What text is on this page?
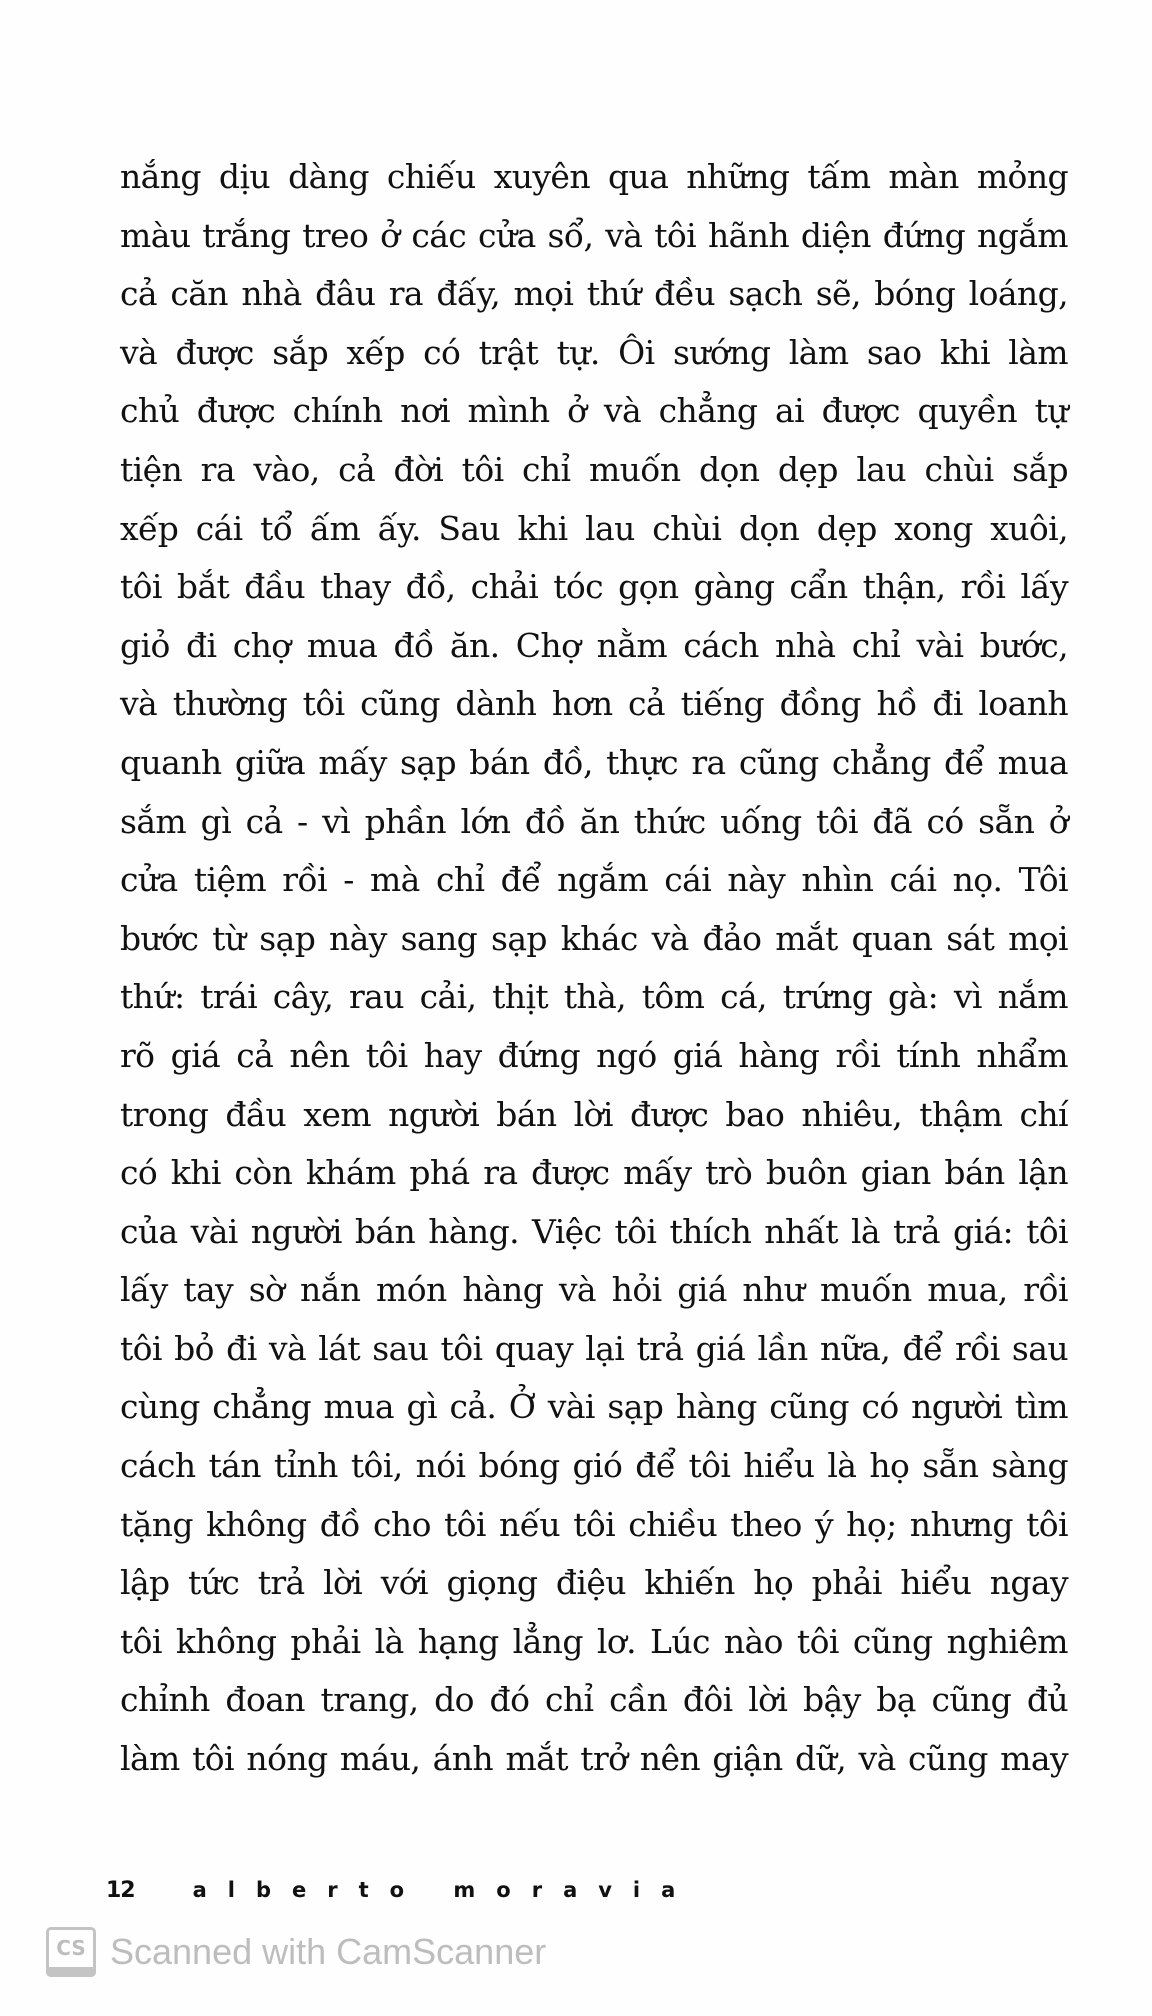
nắng dịu dàng chiếu xuyên qua những tấm màn mỏng
màu trắng treo ở các cửa sổ, và tôi hãnh diện đứng ngắm
cả căn nhà đâu ra đấy, mọi thứ đều sạch sẽ, bóng loáng,
và được sắp xếp có trật tự. Ôi sướng làm sao khi làm
chủ được chính nơi mình ở và chẳng ai được quyền tự
tiện ra vào, cả đời tôi chỉ muốn dọn dẹp lau chùi sắp
xếp cái tổ ấm ấy. Sau khi lau chùi dọn dẹp xong xuôi,
tôi bắt đầu thay đồ, chải tóc gọn gàng cẩn thận, rồi lấy
giỏ đi chợ mua đồ ăn. Chợ nằm cách nhà chỉ vài bước,
và thường tôi cũng dành hơn cả tiếng đồng hồ đi loanh
quanh giữa mấy sạp bán đồ, thực ra cũng chẳng để mua
sắm gì cả - vì phần lớn đồ ăn thức uống tôi đã có sẵn ở
cửa tiệm rồi - mà chỉ để ngắm cái này nhìn cái nọ. Tôi
bước từ sạp này sang sạp khác và đảo mắt quan sát mọi
thứ: trái cây, rau cải, thịt thà, tôm cá, trứng gà: vì nắm
rõ giá cả nên tôi hay đứng ngó giá hàng rồi tính nhẩm
trong đầu xem người bán lời được bao nhiêu, thậm chí
có khi còn khám phá ra được mấy trò buôn gian bán lận
của vài người bán hàng. Việc tôi thích nhất là trả giá: tôi
lấy tay sờ nắn món hàng và hỏi giá như muốn mua, rồi
tôi bỏ đi và lát sau tôi quay lại trả giá lần nữa, để rồi sau
cùng chẳng mua gì cả. Ở vài sạp hàng cũng có người tìm
cách tán tỉnh tôi, nói bóng gió để tôi hiểu là họ sẵn sàng
tặng không đồ cho tôi nếu tôi chiều theo ý họ; nhưng tôi
lập tức trả lời với giọng điệu khiến họ phải hiểu ngay
tôi không phải là hạng lẳng lơ. Lúc nào tôi cũng nghiêm
chỉnh đoan trang, do đó chỉ cần đôi lời bậy bạ cũng đủ
làm tôi nóng máu, ánh mắt trở nên giận dữ, và cũng may
12	alberto moravia
CS Scanned with CamScanner
